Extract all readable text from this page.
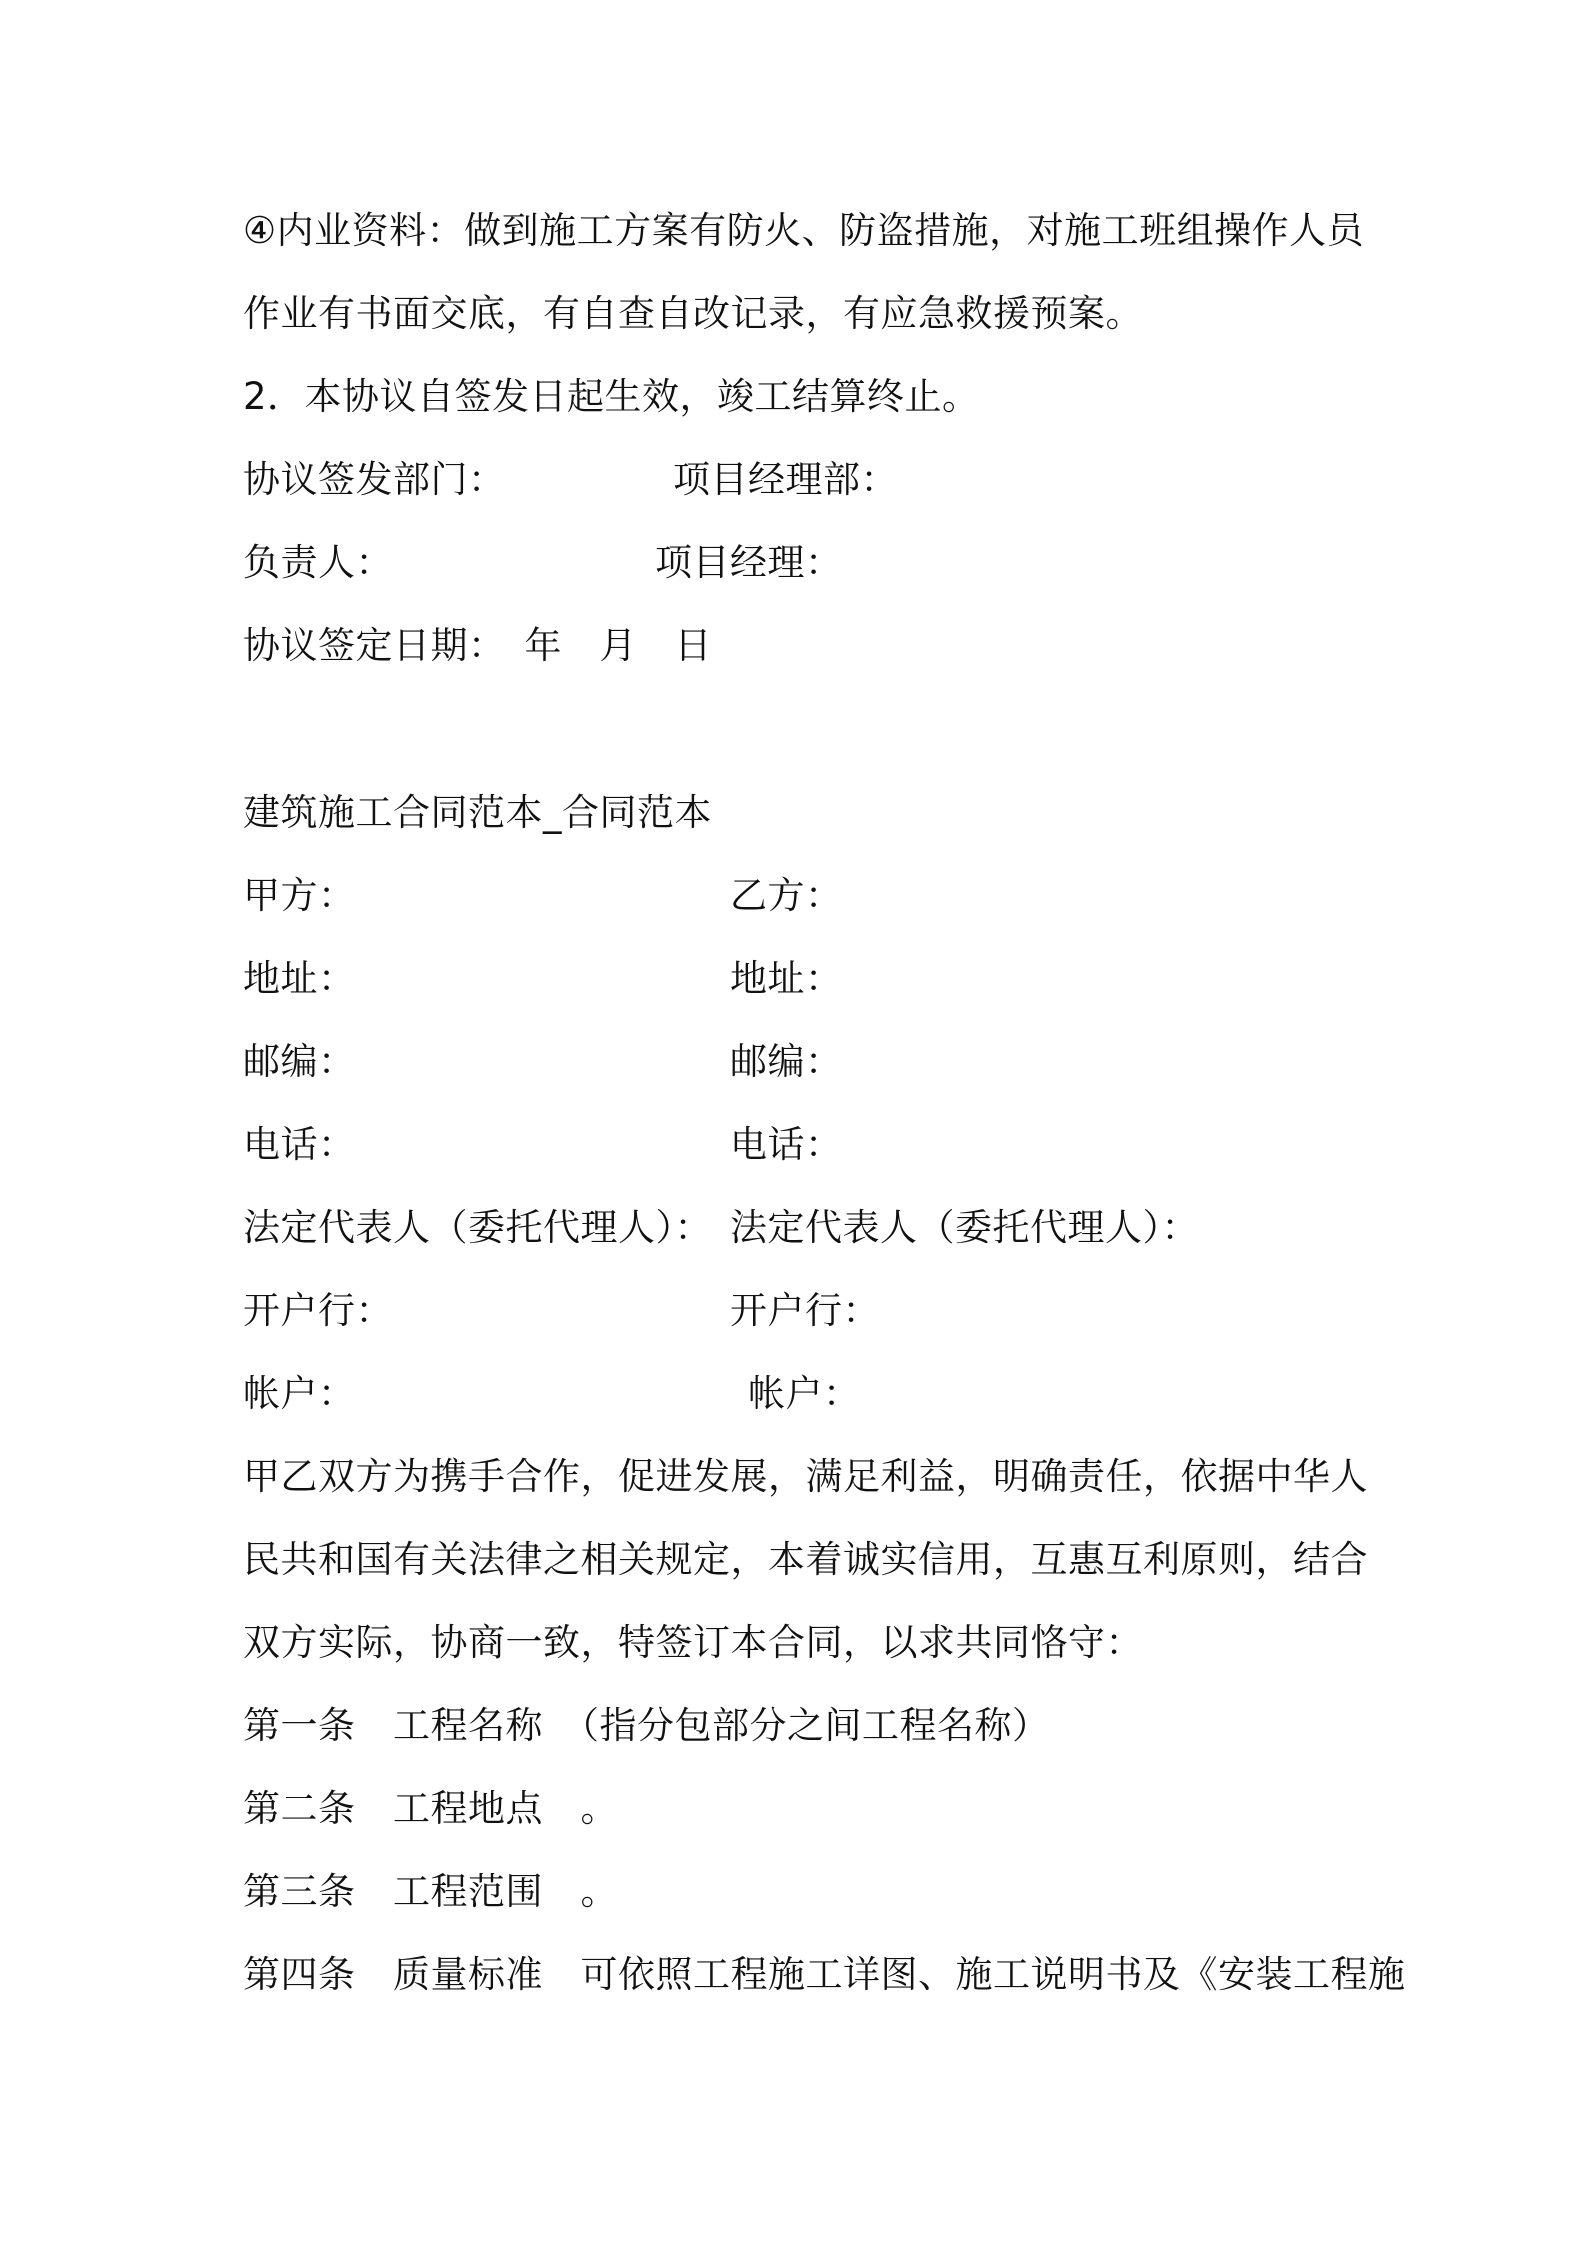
④内业资料：做到施工方案有防火、防盗措施，对施工班组操作人员
作业有书面交底，有自查自改记录，有应急救援预案。
2．本协议自签发日起生效，竣工结算终止。
协议签发部门：	项目经理部：
负责人：	项目经理：
协议签定日期：　年　月　日
建筑施工合同范本_合同范本
甲方：	乙方：
地址：	地址：
邮编：	邮编：
电话：	电话：
法定代表人（委托代理人）： 法定代表人（委托代理人）：
开户行：	开户行：
帐户：	帐户：
甲乙双方为携手合作，促进发展，满足利益，明确责任，依据中华人
民共和国有关法律之相关规定，本着诚实信用，互惠互利原则，结合
双方实际，协商一致，特签订本合同，以求共同恪守：
第一条　工程名称　（指分包部分之间工程名称）
第二条　工程地点　。
第三条　工程范围　。
第四条　质量标准　可依照工程施工详图、施工说明书及《安装工程施
